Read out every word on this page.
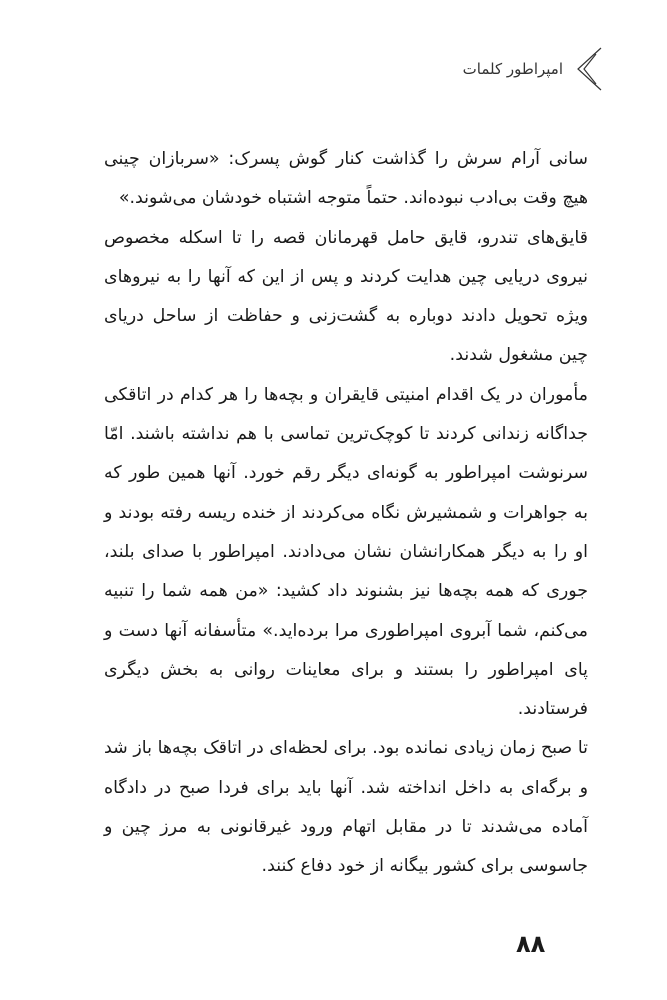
امپراطور کلمات

سانی آرام سرش را گذاشت کنار گوش پسرک: «سربازان چینی هیچ وقت بی‌ادب نبوده‌اند. حتماً متوجه اشتباه خودشان می‌شوند.»

قایق‌های تندرو، قایق حامل قهرمانان قصه را تا اسکله مخصوص نیروی دریایی چین هدایت کردند و پس از این که آنها را به نیروهای ویژه تحویل دادند دوباره به گشت‌زنی و حفاظت از ساحل دریای چین مشغول شدند.

مأموران در یک اقدام امنیتی قایقران و بچه‌ها را هر کدام در اتاقکی جداگانه زندانی کردند تا کوچک‌ترین تماسی با هم نداشته باشند. امّا سرنوشت امپراطور به گونه‌ای دیگر رقم خورد. آنها همین طور که به جواهرات و شمشیرش نگاه می‌کردند از خنده ریسه رفته بودند و او را به دیگر همکارانشان نشان می‌دادند. امپراطور با صدای بلند، جوری که همه بچه‌ها نیز بشنوند داد کشید: «من همه شما را تنبیه می‌کنم، شما آبروی امپراطوری مرا برده‌اید.» متأسفانه آنها دست و پای امپراطور را بستند و برای معاینات روانی به بخش دیگری فرستادند.

تا صبح زمان زیادی نمانده بود. برای لحظه‌ای در اتاقک بچه‌ها باز شد و برگه‌ای به داخل انداخته شد. آنها باید برای فردا صبح در دادگاه آماده می‌شدند تا در مقابل اتهام ورود غیرقانونی به مرز چین و جاسوسی برای کشور بیگانه از خود دفاع کنند.

۸۸
